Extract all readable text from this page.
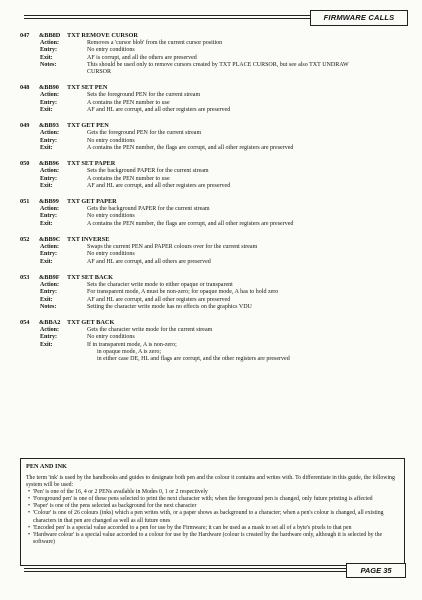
FIRMWARE CALLS
047 &BB8D TXT REMOVE CURSOR
Action:	Removes a 'cursor blob' from the current cursor position
Entry:	No entry conditions
Exit:	AF is corrupt, and all the others are preserved
Notes:	This should be used only to remove cursors created by TXT PLACE CURSOR, but see also TXT UNDRAW
CURSOR
048 &BB90 TXT SET PEN
Action:	Sets the foreground PEN for the current stream
Entry:	A contains the PEN number to use
Exit:	AF and HL are corrupt, and all other registers are preserved
049 &BB93 TXT GET PEN
Action:	Gets the foreground PEN for the current stream
Entry:	No entry conditions
Exit:	A contains the PEN number, the flags are corrupt, and all other registers are preserved
050 &BB96 TXT SET PAPER
Action:	Sets the background PAPER for the current stream
Entry:	A contains the PEN number to use
Exit:	AF and HL are corrupt, and all other registers are preserved
051 &BB99 TXT GET PAPER
Action:	Gets the background PAPER for the current stream
Entry:	No entry conditions
Exit:	A contains the PEN number, the flags are corrupt, and all other registers are preserved
052 &BB9C TXT INVERSE
Action:	Swaps the current PEN and PAPER colours over for the current stream
Entry:	No entry conditions
Exit:	AF and HL are corrupt, and all others are preserved
053 &BB9F TXT SET BACK
Action:	Sets the character write mode to either opaque or transparent
Entry:	For transparent mode, A must be non-zero; for opaque mode, A has to hold zero
Exit:	AF and HL are corrupt, and all other registers are preserved
Notes:	Setting the character write mode has no effects on the graphics VDU
054 &BBA2 TXT GET BACK
Action:	Gets the character write mode for the current stream
Entry:	No entry conditions
Exit:	If in transparent mode, A is non-zero;
in opaque mode, A is zero;
in either case DE, HL and flags are corrupt, and the other registers are preserved
PEN AND INK

The term 'ink' is used by the handbooks and guides to designate both pen and the colour it contains and writes with. To differentiate in this guide, the following system will be used:

• 'Pen' is one of the 16, 4 or 2 PENs available in Modes 0, 1 or 2 respectively
• 'Foreground pen' is one of these pens selected to print the next character with; when the foreground pen is changed, only future printing is affected
• 'Paper' is one of the pens selected as background for the next character
• 'Colour' is one of 26 colours (inks) which a pen writes with, or a paper shows as background to a character; when a pen's colour is changed, all existing characters in that pen are changed as well as all future ones
• 'Encoded pen' is a special value accorded to a pen for use by the Firmware; it can be used as a mask to set all of a byte's pixels to that pen
• 'Hardware colour' is a special value accorded to a colour for use by the Hardware (colour is created by the hardware only, although it is selected by the software)
PAGE 35
